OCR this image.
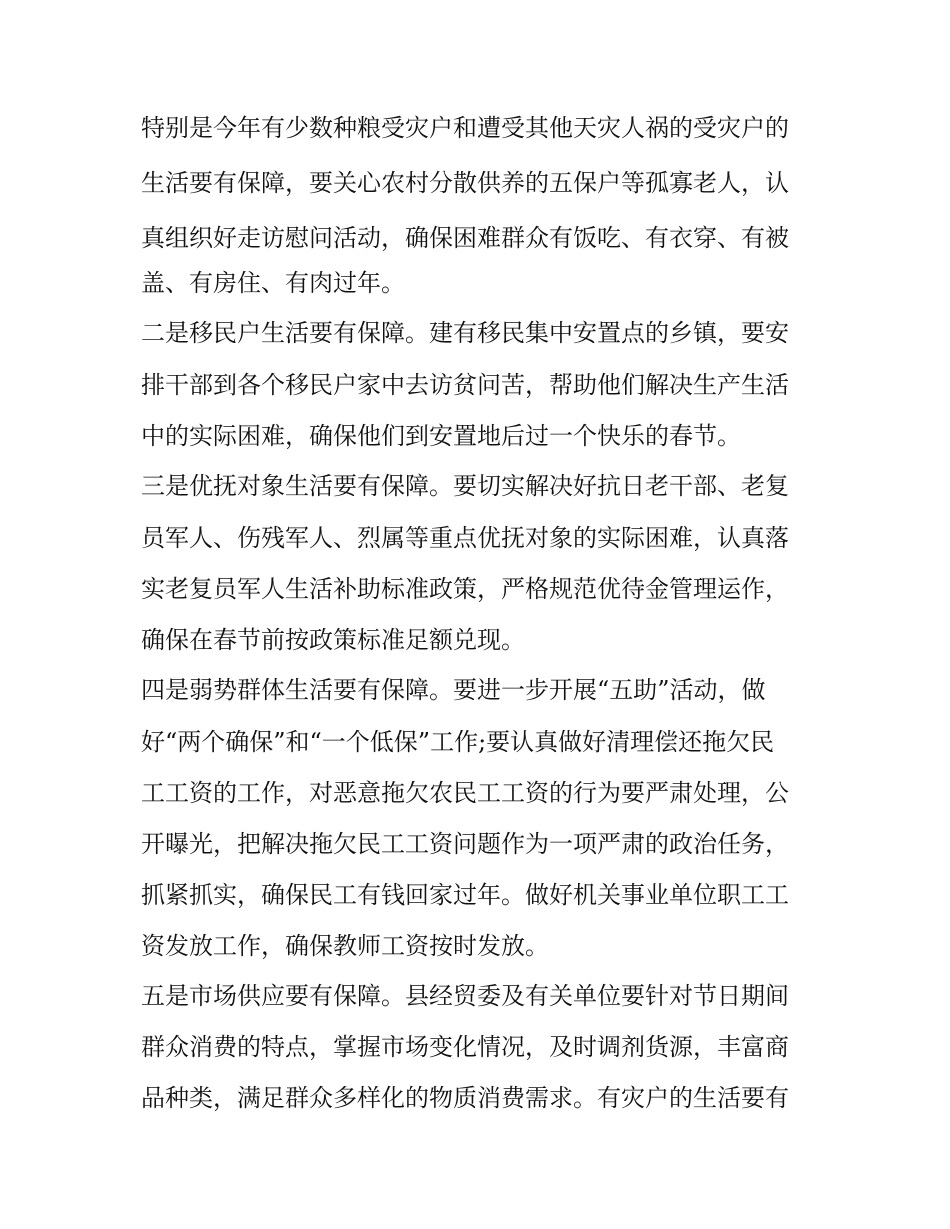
特别是今年有少数种粮受灾户和遭受其他天灾人祸的受灾户的
生活要有保障，要关心农村分散供养的五保户等孤寡老人，认
真组织好走访慰问活动，确保困难群众有饭吃、有衣穿、有被
盖、有房住、有肉过年。
二是移民户生活要有保障。建有移民集中安置点的乡镇，要安
排干部到各个移民户家中去访贫问苦，帮助他们解决生产生活
中的实际困难，确保他们到安置地后过一个快乐的春节。
三是优抚对象生活要有保障。要切实解决好抗日老干部、老复
员军人、伤残军人、烈属等重点优抚对象的实际困难，认真落
实老复员军人生活补助标准政策，严格规范优待金管理运作，
确保在春节前按政策标准足额兑现。
四是弱势群体生活要有保障。要进一步开展“五助”活动，做
好“两个确保”和“一个低保”工作;要认真做好清理偿还拖欠民
工工资的工作，对恶意拖欠农民工工资的行为要严肃处理，公
开曝光，把解决拖欠民工工资问题作为一项严肃的政治任务，
抓紧抓实，确保民工有钱回家过年。做好机关事业单位职工工
资发放工作，确保教师工资按时发放。
五是市场供应要有保障。县经贸委及有关单位要针对节日期间
群众消费的特点，掌握市场变化情况，及时调剂货源，丰富商
品种类，满足群众多样化的物质消费需求。有灾户的生活要有
